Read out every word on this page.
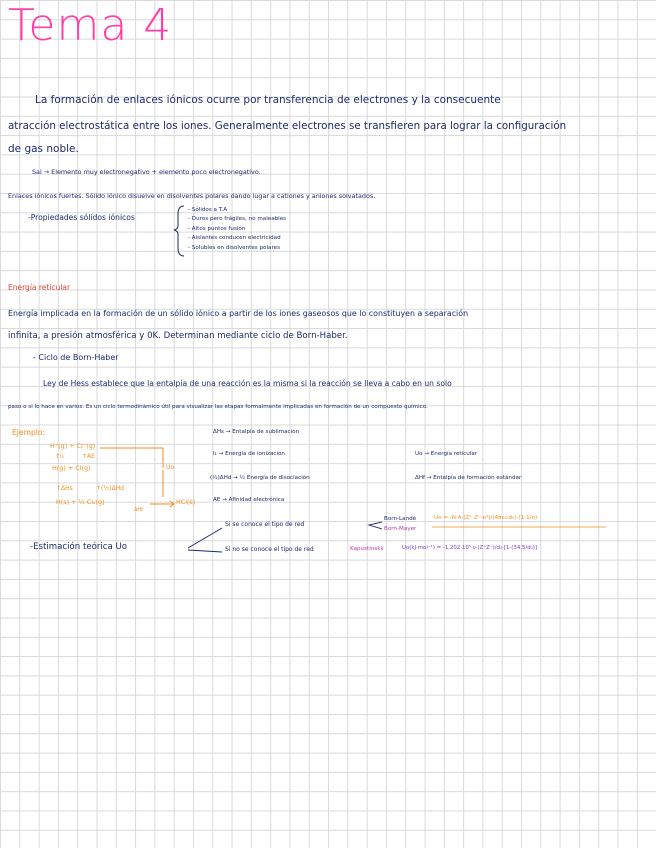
Tema 4
La formación de enlaces iónicos ocurre por transferencia de electrones y la consecuente
atracción electrostática entre los iones. Generalmente electrones se transfieren para lograr la configuración
de gas noble.
Sal → Elemento muy electronegativo + elemento poco electronegativo.
Enlaces iónicos fuertes. Sólido iónico disuelve en disolventes polares dando lugar a cationes y aniones solvatados.
-Propiedades sólidos iónicos
- Sólidos a T.A
- Duros pero frágiles, no maleables
- Altos puntos fusión
- Aislantes conducen electricidad
- Solubles en disolventes polares
Energía reticular
Energía implicada en la formación de un sólido iónico a partir de los iones gaseosos que lo constituyen a separación
infinita, a presión atmosférica y 0K. Determinan mediante ciclo de Born-Haber.
- Ciclo de Born-Haber
Ley de Hess establece que la entalpía de una reacción es la misma si la reacción se lleva a cabo en un solo
paso o si lo hace en varios. Es un ciclo termodinámico útil para visualizar las etapas formalmente implicadas en formación de un compuesto químico.
Ejemplo:
H⁺(g) + Cl⁻(g)
↑I₁	↑AE
H(g) + Cl(g)	Uo
↑ΔHs	↑(½)ΔHd
H(s) + ½ Cl₂(g)
ΔHf
HCl(s)
ΔHs → Entalpía de sublimación
I₁ → Energía de ionización
(½)ΔHd → ½ Energía de disociación
AE → Afinidad electrónica
Uo → Energía reticular
ΔHf → Entalpía de formación estándar
-Estimación teórica Uo
Si se conoce el tipo de red
Si no se conoce el tipo de red
Born-Landé
Born-Mayer
Uo = -N·A·(Z⁺·Z⁻·e²)/(4πε₀·d₀)·(1-1/n)
Kapustinskii	Uo(kJ·mol⁻¹) = -1,202·10⁵·ν·(Z⁺Z⁻)/d₀·[1-(34,5/d₀)]
